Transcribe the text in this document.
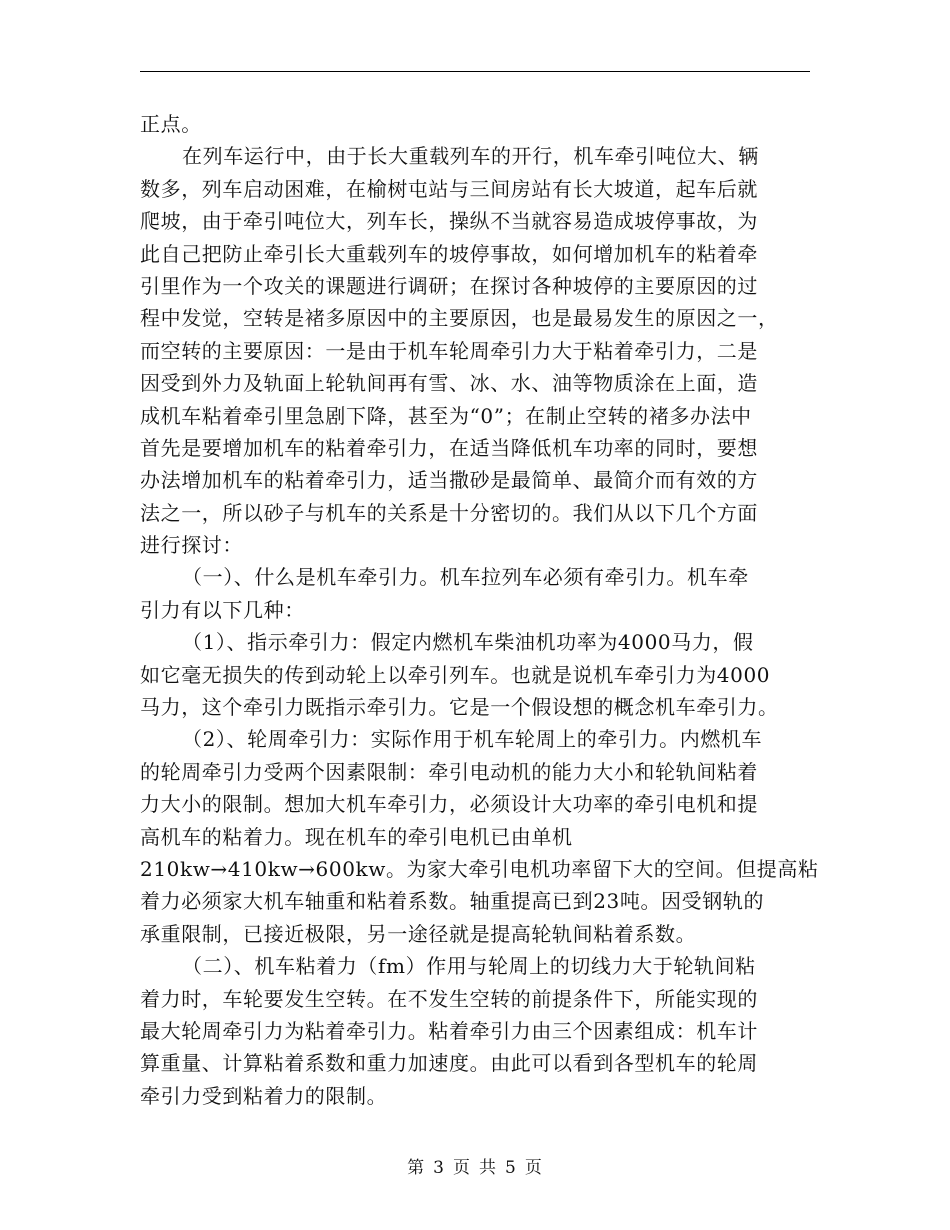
正点。
在列车运行中，由于长大重载列车的开行，机车牵引吨位大、辆
数多，列车启动困难，在榆树屯站与三间房站有长大坡道，起车后就
爬坡，由于牵引吨位大，列车长，操纵不当就容易造成坡停事故，为
此自己把防止牵引长大重载列车的坡停事故，如何增加机车的粘着牵
引里作为一个攻关的课题进行调研；在探讨各种坡停的主要原因的过
程中发觉，空转是褚多原因中的主要原因，也是最易发生的原因之一，
而空转的主要原因：一是由于机车轮周牵引力大于粘着牵引力，二是
因受到外力及轨面上轮轨间再有雪、冰、水、油等物质涂在上面，造
成机车粘着牵引里急剧下降，甚至为“0”；在制止空转的褚多办法中
首先是要增加机车的粘着牵引力，在适当降低机车功率的同时，要想
办法增加机车的粘着牵引力，适当撒砂是最简单、最简介而有效的方
法之一，所以砂子与机车的关系是十分密切的。我们从以下几个方面
进行探讨：
（一）、什么是机车牵引力。机车拉列车必须有牵引力。机车牵
引力有以下几种：
（1）、指示牵引力：假定内燃机车柴油机功率为4000马力，假
如它毫无损失的传到动轮上以牵引列车。也就是说机车牵引力为4000
马力，这个牵引力既指示牵引力。它是一个假设想的概念机车牵引力。
（2）、轮周牵引力：实际作用于机车轮周上的牵引力。内燃机车
的轮周牵引力受两个因素限制：牵引电动机的能力大小和轮轨间粘着
力大小的限制。想加大机车牵引力，必须设计大功率的牵引电机和提
高机车的粘着力。现在机车的牵引电机已由单机
210kw→410kw→600kw。为家大牵引电机功率留下大的空间。但提高粘
着力必须家大机车轴重和粘着系数。轴重提高已到23吨。因受钢轨的
承重限制，已接近极限，另一途径就是提高轮轨间粘着系数。
（二）、机车粘着力（fm）作用与轮周上的切线力大于轮轨间粘
着力时，车轮要发生空转。在不发生空转的前提条件下，所能实现的
最大轮周牵引力为粘着牵引力。粘着牵引力由三个因素组成：机车计
算重量、计算粘着系数和重力加速度。由此可以看到各型机车的轮周
牵引力受到粘着力的限制。
第 3 页 共 5 页
